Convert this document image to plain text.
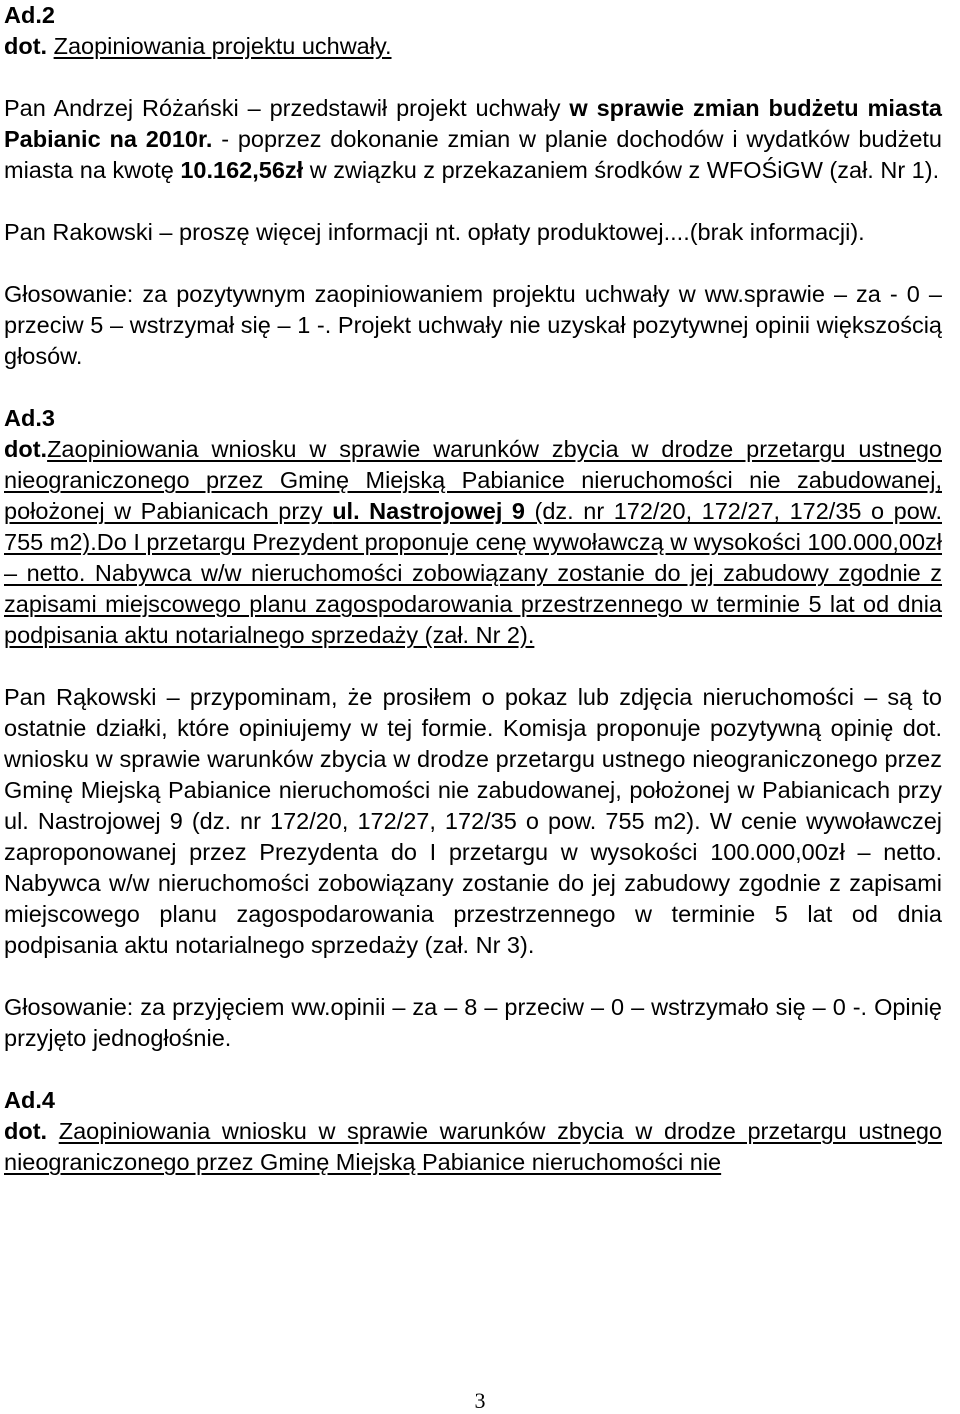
Ad.2
dot. Zaopiniowania projektu uchwały.
Pan Andrzej Różański – przedstawił projekt uchwały w sprawie zmian budżetu miasta Pabianic na 2010r. - poprzez dokonanie zmian w planie dochodów i wydatków budżetu miasta na kwotę 10.162,56zł w związku z przekazaniem środków z WFOŚiGW (zał. Nr 1).
Pan Rakowski – proszę więcej informacji nt. opłaty produktowej....(brak informacji).
Głosowanie: za pozytywnym zaopiniowaniem projektu uchwały w ww.sprawie – za - 0 – przeciw 5 – wstrzymał się – 1 -. Projekt uchwały nie uzyskał pozytywnej opinii większością głosów.
Ad.3
dot.Zaopiniowania wniosku w sprawie warunków zbycia w drodze przetargu ustnego nieograniczonego przez Gminę Miejską Pabianice nieruchomości nie zabudowanej, położonej w Pabianicach przy ul. Nastrojowej 9 (dz. nr 172/20, 172/27, 172/35 o pow. 755 m2).Do I przetargu Prezydent proponuje cenę wywoławczą w wysokości 100.000,00zł – netto. Nabywca w/w nieruchomości zobowiązany zostanie do jej zabudowy zgodnie z zapisami miejscowego planu zagospodarowania przestrzennego w terminie 5 lat od dnia podpisania aktu notarialnego sprzedaży (zał. Nr 2).
Pan Rąkowski – przypominam, że prosiłem o pokaz lub zdjęcia nieruchomości – są to ostatnie działki, które opiniujemy w tej formie. Komisja proponuje pozytywną opinię dot. wniosku w sprawie warunków zbycia w drodze przetargu ustnego nieograniczonego przez Gminę Miejską Pabianice nieruchomości nie zabudowanej, położonej w Pabianicach przy ul. Nastrojowej 9 (dz. nr 172/20, 172/27, 172/35 o pow. 755 m2). W cenie wywoławczej zaproponowanej przez Prezydenta do I przetargu w wysokości 100.000,00zł – netto. Nabywca w/w nieruchomości zobowiązany zostanie do jej zabudowy zgodnie z zapisami miejscowego planu zagospodarowania przestrzennego w terminie 5 lat od dnia podpisania aktu notarialnego sprzedaży (zał. Nr 3).
Głosowanie: za przyjęciem ww.opinii – za – 8 – przeciw – 0 – wstrzymało się – 0 -. Opinię przyjęto jednogłośnie.
Ad.4
dot. Zaopiniowania wniosku w sprawie warunków zbycia w drodze przetargu ustnego nieograniczonego przez Gminę Miejską Pabianice nieruchomości nie
3
